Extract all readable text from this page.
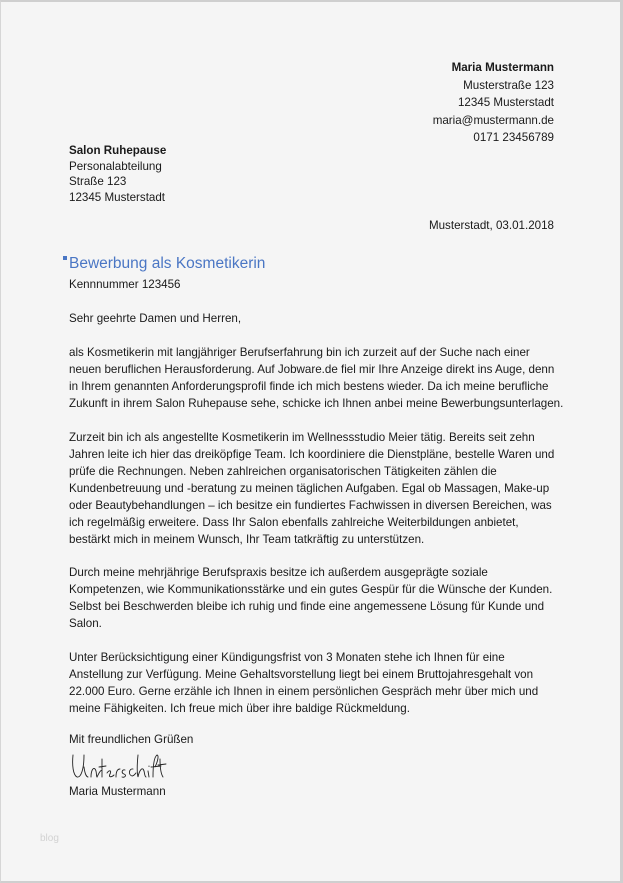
Maria Mustermann
Musterstraße 123
12345 Musterstadt
maria@mustermann.de
0171 23456789
Salon Ruhepause
Personalabteilung
Straße 123
12345 Musterstadt
Musterstadt, 03.01.2018
Bewerbung als Kosmetikerin
Kennnummer 123456
Sehr geehrte Damen und Herren,
als Kosmetikerin mit langjähriger Berufserfahrung bin ich zurzeit auf der Suche nach einer
neuen beruflichen Herausforderung. Auf Jobware.de fiel mir Ihre Anzeige direkt ins Auge, denn
in Ihrem genannten Anforderungsprofil finde ich mich bestens wieder. Da ich meine berufliche
Zukunft in ihrem Salon Ruhepause sehe, schicke ich Ihnen anbei meine Bewerbungsunterlagen.
Zurzeit bin ich als angestellte Kosmetikerin im Wellnessstudio Meier tätig. Bereits seit zehn
Jahren leite ich hier das dreiköpfige Team. Ich koordiniere die Dienstpläne, bestelle Waren und
prüfe die Rechnungen. Neben zahlreichen organisatorischen Tätigkeiten zählen die
Kundenbetreuung und -beratung zu meinen täglichen Aufgaben. Egal ob Massagen, Make-up
oder Beautybehandlungen – ich besitze ein fundiertes Fachwissen in diversen Bereichen, was
ich regelmäßig erweitere. Dass Ihr Salon ebenfalls zahlreiche Weiterbildungen anbietet,
bestärkt mich in meinem Wunsch, Ihr Team tatkräftig zu unterstützen.
Durch meine mehrjährige Berufspraxis besitze ich außerdem ausgeprägte soziale
Kompetenzen, wie Kommunikationsstärke und ein gutes Gespür für die Wünsche der Kunden.
Selbst bei Beschwerden bleibe ich ruhig und finde eine angemessene Lösung für Kunde und
Salon.
Unter Berücksichtigung einer Kündigungsfrist von 3 Monaten stehe ich Ihnen für eine
Anstellung zur Verfügung. Meine Gehaltsvorstellung liegt bei einem Bruttojahresgehalt von
22.000 Euro. Gerne erzähle ich Ihnen in einem persönlichen Gespräch mehr über mich und
meine Fähigkeiten. Ich freue mich über ihre baldige Rückmeldung.
Mit freundlichen Grüßen
Maria Mustermann
blog
